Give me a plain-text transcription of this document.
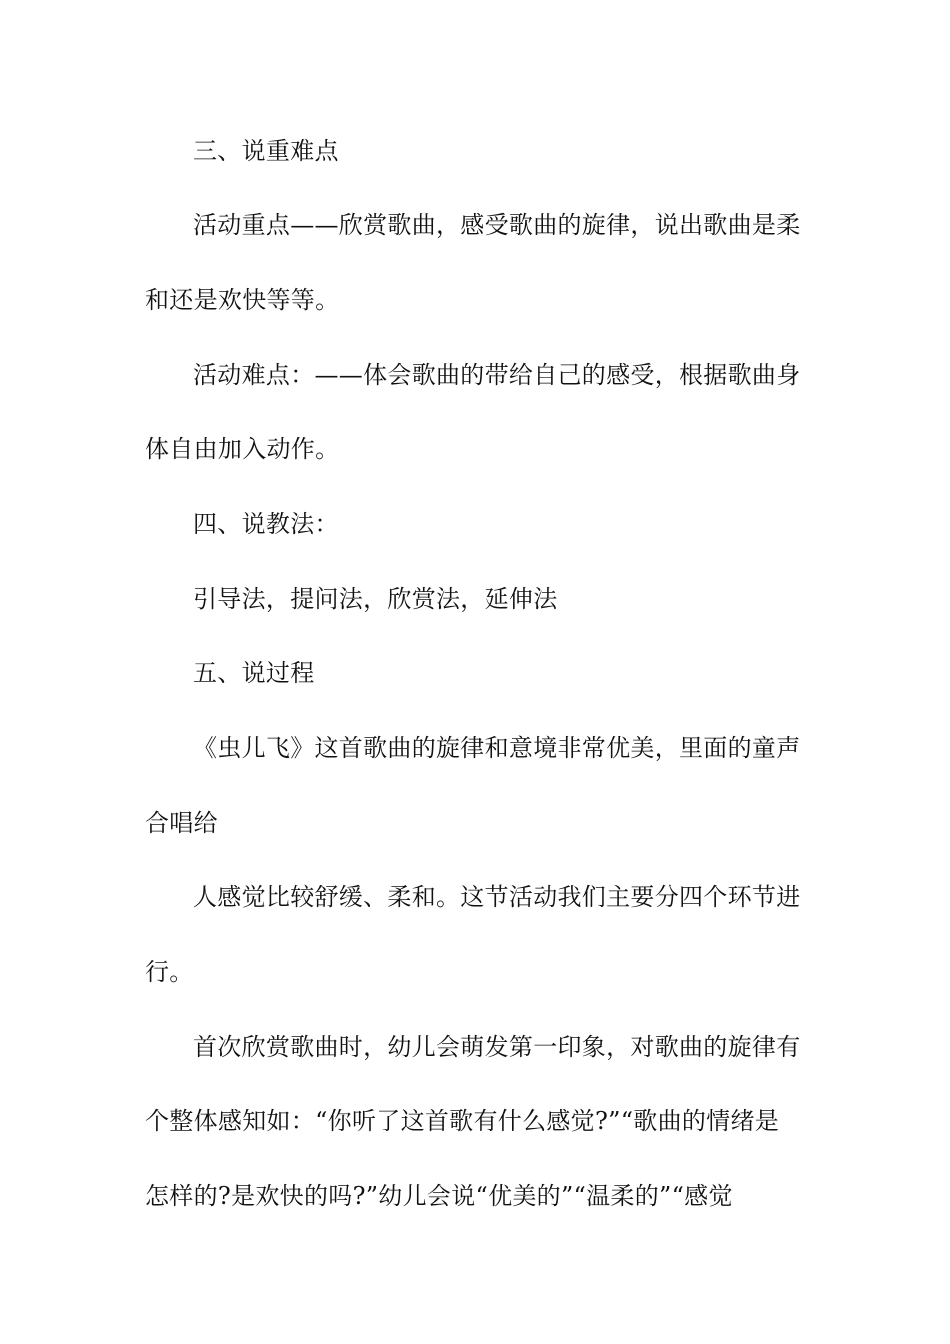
三、说重难点
活动重点——欣赏歌曲，感受歌曲的旋律，说出歌曲是柔
和还是欢快等等。
活动难点：——体会歌曲的带给自己的感受，根据歌曲身
体自由加入动作。
四、说教法：
引导法，提问法，欣赏法，延伸法
五、说过程
《虫儿飞》这首歌曲的旋律和意境非常优美，里面的童声
合唱给
人感觉比较舒缓、柔和。这节活动我们主要分四个环节进
行。
首次欣赏歌曲时，幼儿会萌发第一印象，对歌曲的旋律有
个整体感知如：“你听了这首歌有什么感觉?”“歌曲的情绪是
怎样的?是欢快的吗?”幼儿会说“优美的”“温柔的”“感觉
